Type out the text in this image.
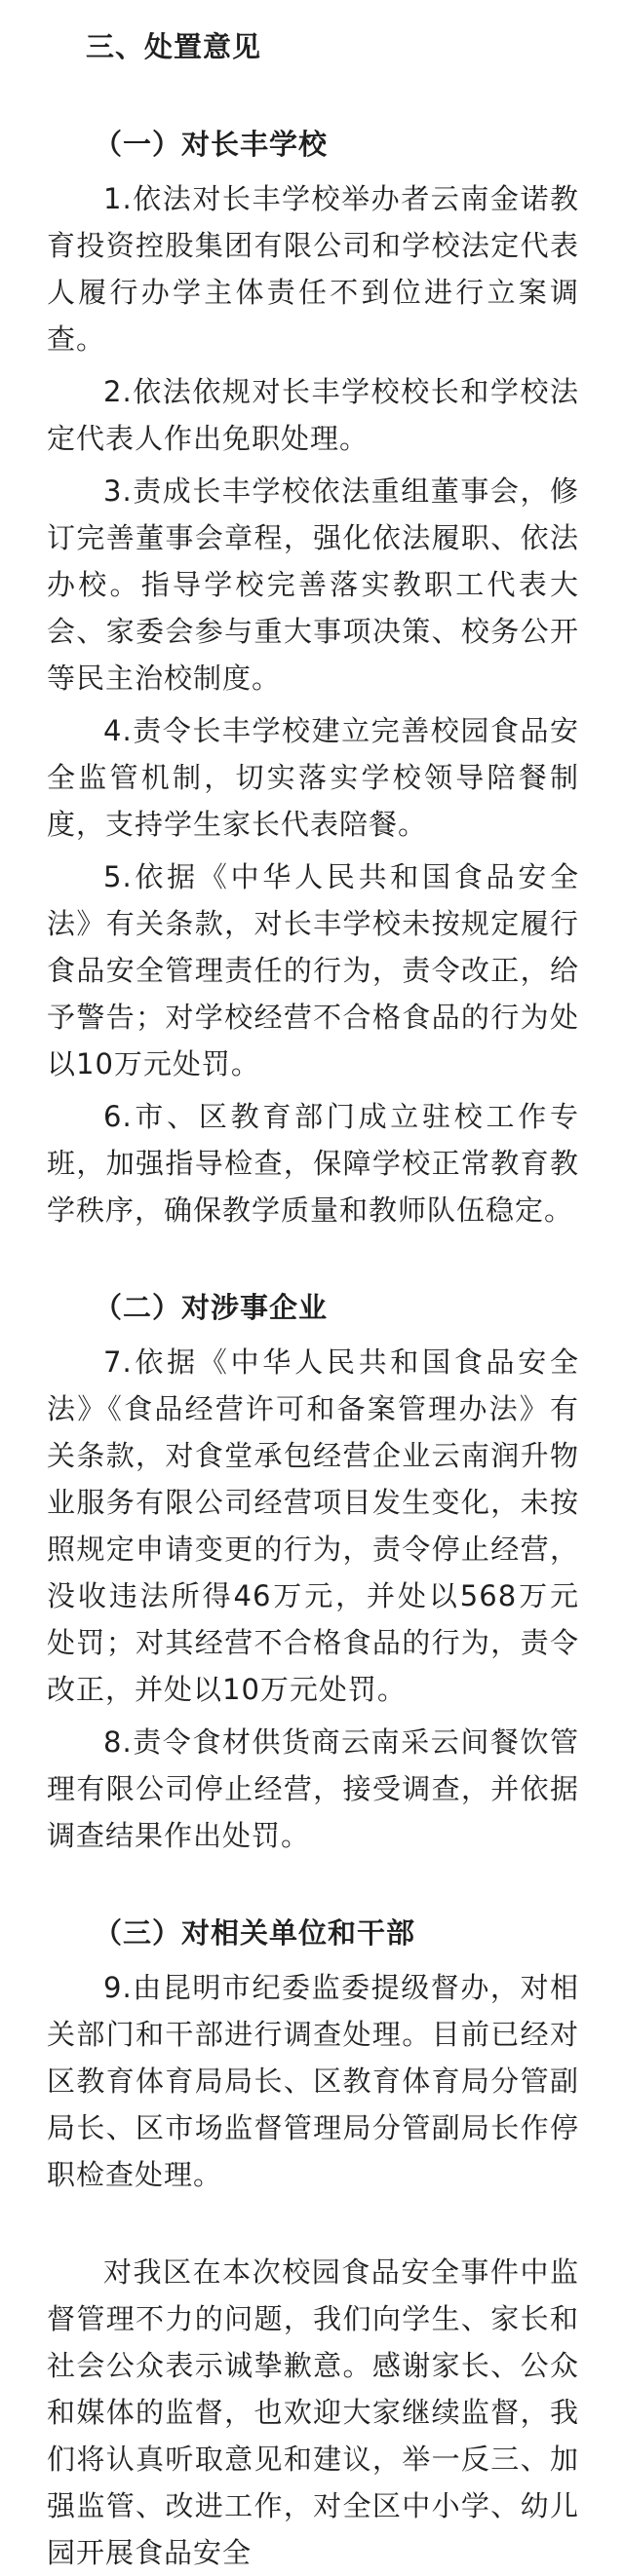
三、处置意见
（一）对长丰学校

1.依法对长丰学校举办者云南金诺教育投资控股集团有限公司和学校法定代表人履行办学主体责任不到位进行立案调查。

2.依法依规对长丰学校校长和学校法定代表人作出免职处理。

3.责成长丰学校依法重组董事会，修订完善董事会章程，强化依法履职、依法办校。指导学校完善落实教职工代表大会、家委会参与重大事项决策、校务公开等民主治校制度。

4.责令长丰学校建立完善校园食品安全监管机制，切实落实学校领导陪餐制度，支持学生家长代表陪餐。

5.依据《中华人民共和国食品安全法》有关条款，对长丰学校未按规定履行食品安全管理责任的行为，责令改正，给予警告；对学校经营不合格食品的行为处以10万元处罚。

6.市、区教育部门成立驻校工作专班，加强指导检查，保障学校正常教育教学秩序，确保教学质量和教师队伍稳定。

（二）对涉事企业

7.依据《中华人民共和国食品安全法》《食品经营许可和备案管理办法》有关条款，对食堂承包经营企业云南润升物业服务有限公司经营项目发生变化，未按照规定申请变更的行为，责令停止经营，没收违法所得46万元，并处以568万元处罚；对其经营不合格食品的行为，责令改正，并处以10万元处罚。

8.责令食材供货商云南采云间餐饮管理有限公司停止经营，接受调查，并依据调查结果作出处罚。

（三）对相关单位和干部

9.由昆明市纪委监委提级督办，对相关部门和干部进行调查处理。目前已经对区教育体育局局长、区教育体育局分管副局长、区市场监督管理局分管副局长作停职检查处理。

对我区在本次校园食品安全事件中监督管理不力的问题，我们向学生、家长和社会公众表示诚挚歉意。感谢家长、公众和媒体的监督，也欢迎大家继续监督，我们将认真听取意见和建议，举一反三、加强监管、改进工作，对全区中小学、幼儿园开展食品安全
